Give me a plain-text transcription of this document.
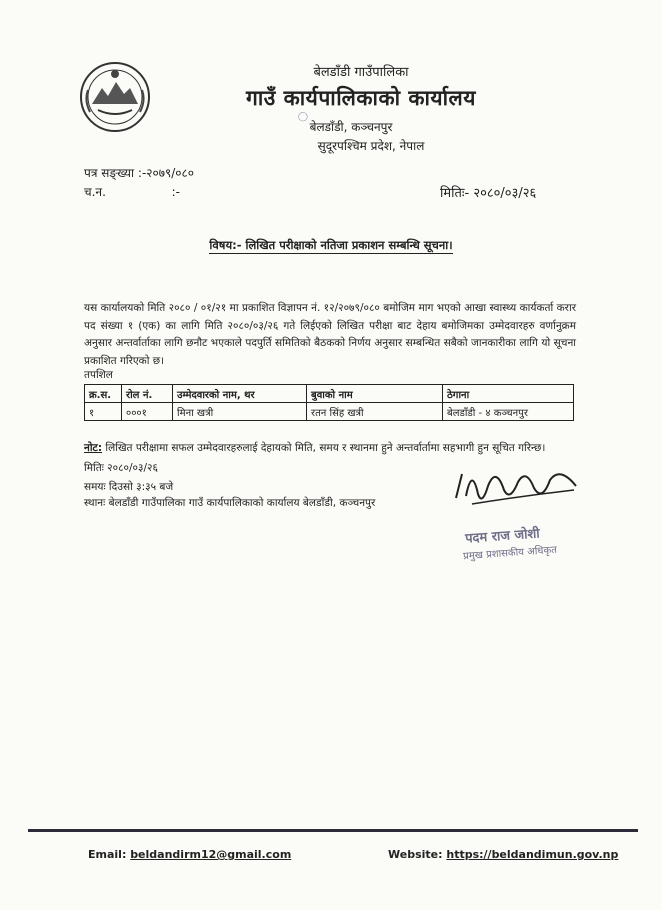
बेलडाँडी गाउँपालिका
गाउँ कार्यपालिकाको कार्यालय
बेलडाँडी, कञ्चनपुर
सुदूरपश्चिम प्रदेश, नेपाल
◯
पत्र सङ्ख्या :-२०७९/०८०
च.न.	:-	मितिः- २०८०/०३/२६
विषय:- लिखित परीक्षाको नतिजा प्रकाशन सम्बन्धि सूचना।
यस कार्यालयको मिति २०८० / ०१/२१ मा प्रकाशित विज्ञापन नं. १२/२०७९/०८० बमोजिम माग भएको आखा स्वास्थ्य कार्यकर्ता करार पद संख्या १ (एक) का लागि मिति २०८०/०३/२६ गते लिईएको लिखित परीक्षा बाट देहाय बमोजिमका उम्मेदवारहरु वर्णानुक्रम अनुसार अन्तर्वार्ताका लागि छनौट भएकाले पदपुर्ति समितिको बैठकको निर्णय अनुसार सम्बन्धित सबैको जानकारीका लागि यो सूचना प्रकाशित गरिएको छ।
तपशिल
क्र.स.	रोल नं.	उम्मेदवारको नाम, थर	बुवाको नाम	ठेगाना
१	०००१	मिना खत्री	रतन सिंह खत्री	बेलडाँडी - ४ कञ्चनपुर
नोट: लिखित परीक्षामा सफल उम्मेदवारहरुलाई देहायको मिति, समय र स्थानमा हुने अन्तर्वार्तामा सहभागी हुन सूचित गरिन्छ।
मितिः २०८०/०३/२६
समयः दिउसो ३:३५ बजे
स्थानः बेलडाँडी गाउँपालिका गाउँ कार्यपालिकाको कार्यालय बेलडाँडी, कञ्चनपुर
पदम राज जोशी
प्रमुख प्रशासकीय अधिकृत
Email: beldandirm12@gmail.com	Website: https://beldandimun.gov.np
